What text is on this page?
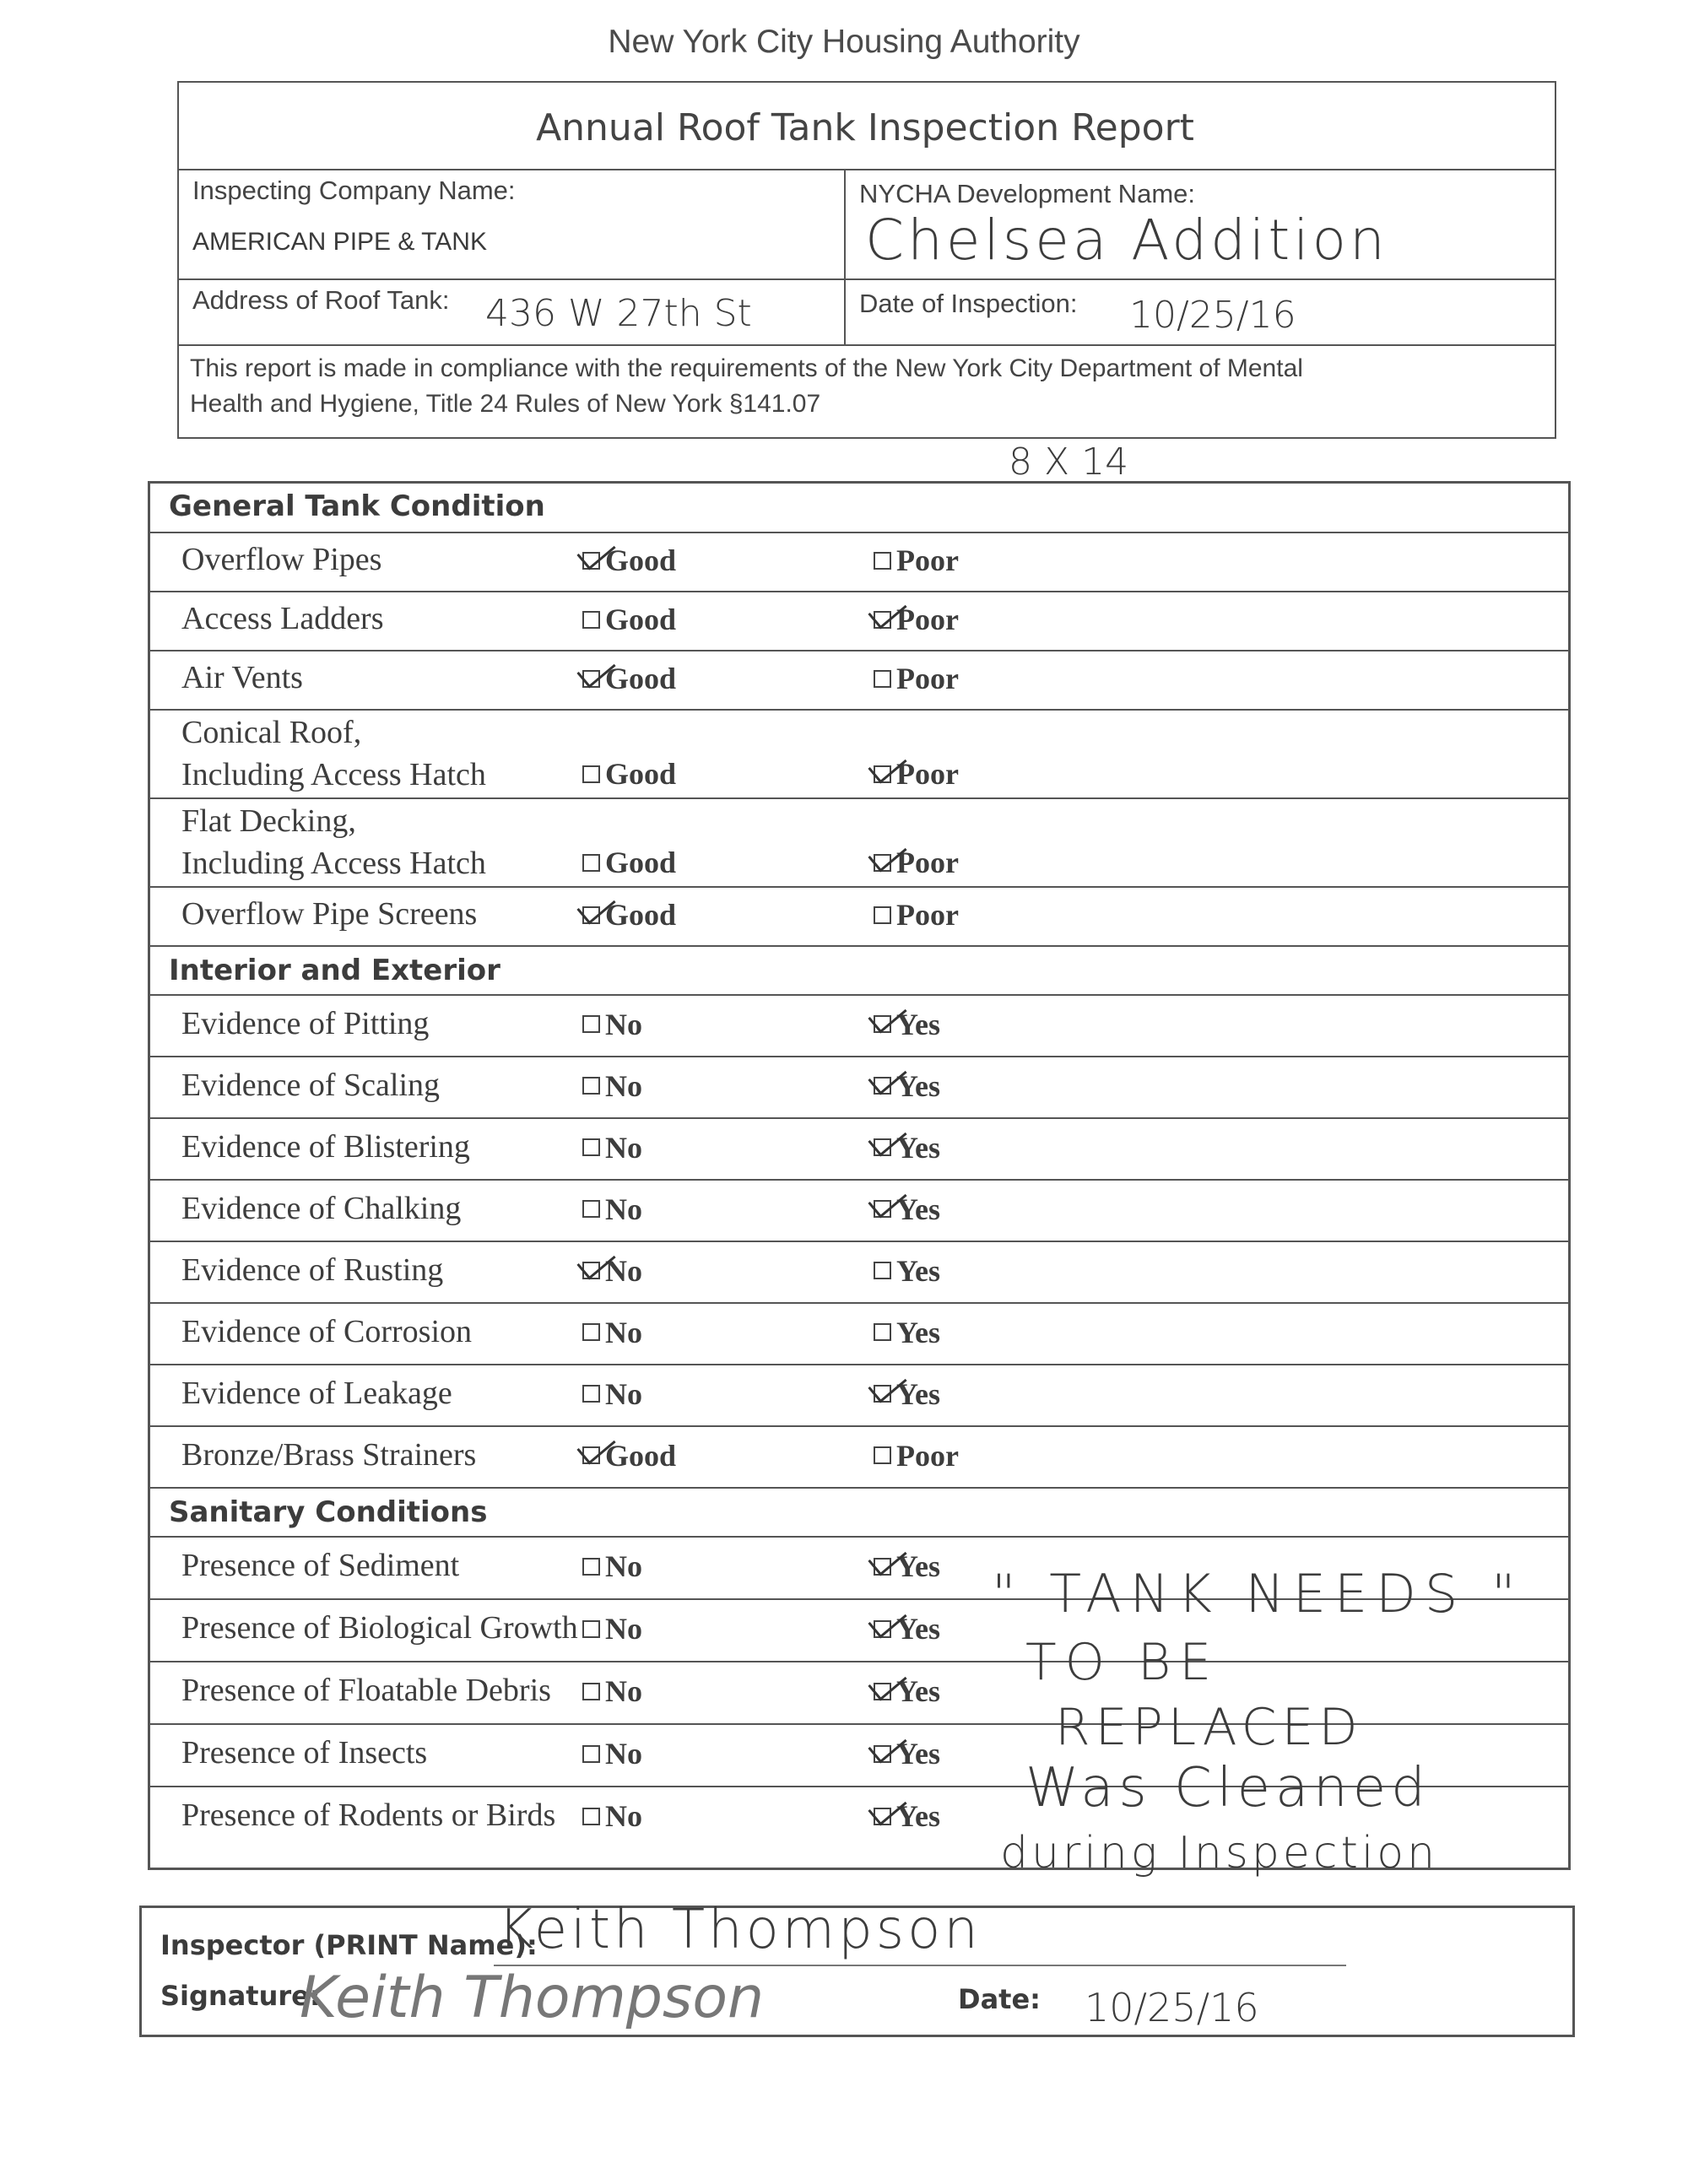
New York City Housing Authority
Annual Roof Tank Inspection Report
Inspecting Company Name:
AMERICAN PIPE & TANK
NYCHA Development Name:
Chelsea Addition
Address of Roof Tank: 436 W 27th St	Date of Inspection: 10/25/16
This report is made in compliance with the requirements of the New York City Department of Mental
Health and Hygiene, Title 24 Rules of New York §141.07
8 X 14
General Tank Condition
Overflow Pipes	Good	Poor
Access Ladders	Good	Poor
Air Vents	Good	Poor
Conical Roof,
Including Access Hatch	Good	Poor
Flat Decking,
Including Access Hatch	Good	Poor
Overflow Pipe Screens	Good	Poor
Interior and Exterior
Evidence of Pitting	No	Yes
Evidence of Scaling	No	Yes
Evidence of Blistering	No	Yes
Evidence of Chalking	No	Yes
Evidence of Rusting	No	Yes
Evidence of Corrosion	No	Yes
Evidence of Leakage	No	Yes
Bronze/Brass Strainers	Good	Poor
Sanitary Conditions
Presence of Sediment	No	Yes
Presence of Biological Growth No	Yes
Presence of Floatable Debris No	Yes
Presence of Insects	No	Yes
Presence of Rodents or Birds No	Yes
" TANK NEEDS "
TO BE
REPLACED
Was Cleaned
during Inspection
Inspector (PRINT Name):
Keith Thompson
Signature:
Keith Thompson	Date: 10/25/16
